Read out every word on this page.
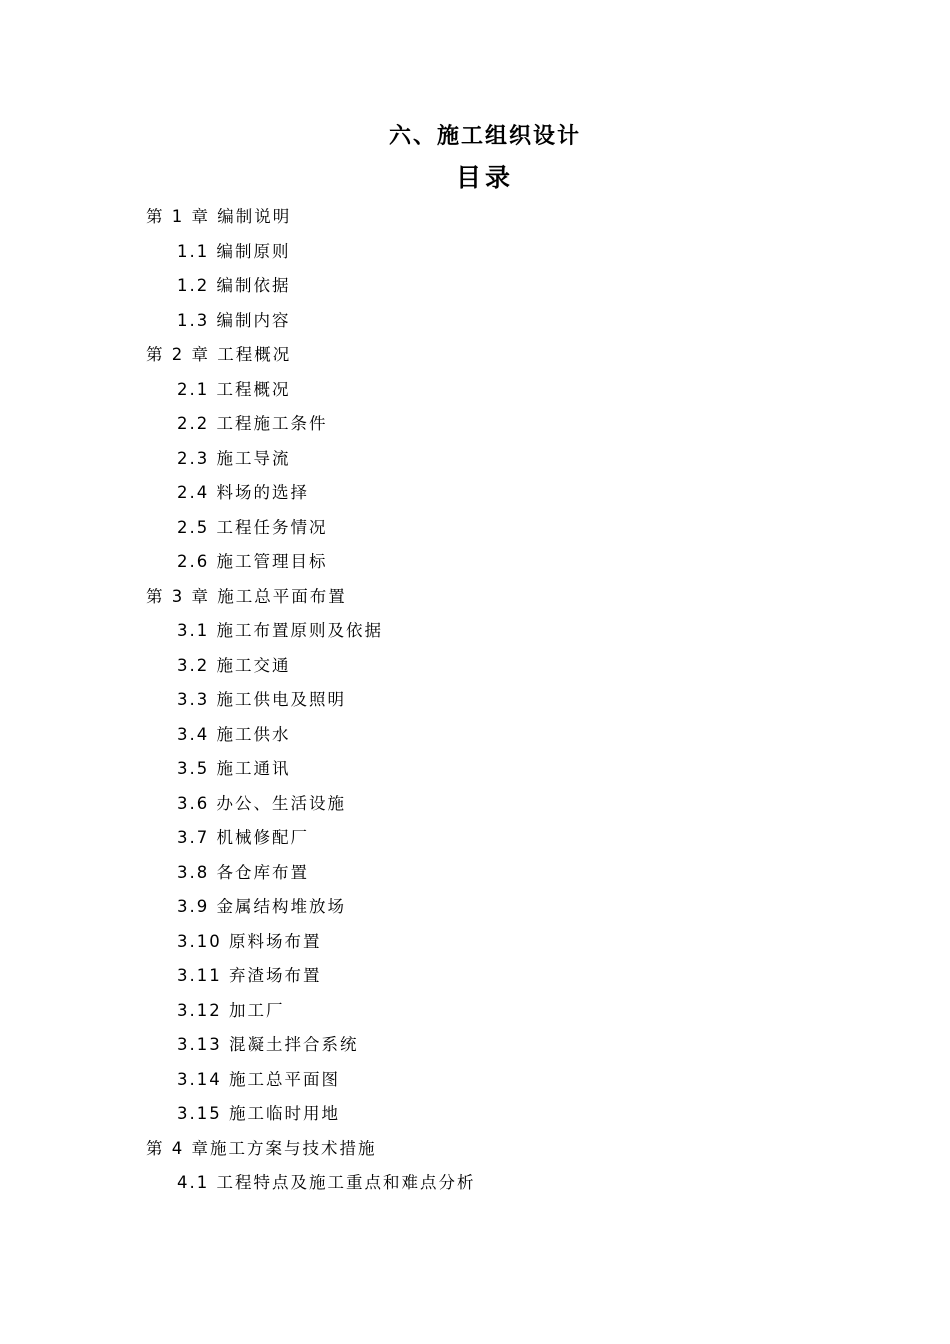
六、施工组织设计
目录
第 1 章 编制说明
1.1 编制原则
1.2 编制依据
1.3 编制内容
第 2 章 工程概况
2.1 工程概况
2.2 工程施工条件
2.3 施工导流
2.4 料场的选择
2.5 工程任务情况
2.6 施工管理目标
第 3 章 施工总平面布置
3.1 施工布置原则及依据
3.2 施工交通
3.3 施工供电及照明
3.4 施工供水
3.5 施工通讯
3.6 办公、生活设施
3.7 机械修配厂
3.8 各仓库布置
3.9 金属结构堆放场
3.10 原料场布置
3.11 弃渣场布置
3.12 加工厂
3.13 混凝土拌合系统
3.14 施工总平面图
3.15 施工临时用地
第 4 章施工方案与技术措施
4.1 工程特点及施工重点和难点分析
